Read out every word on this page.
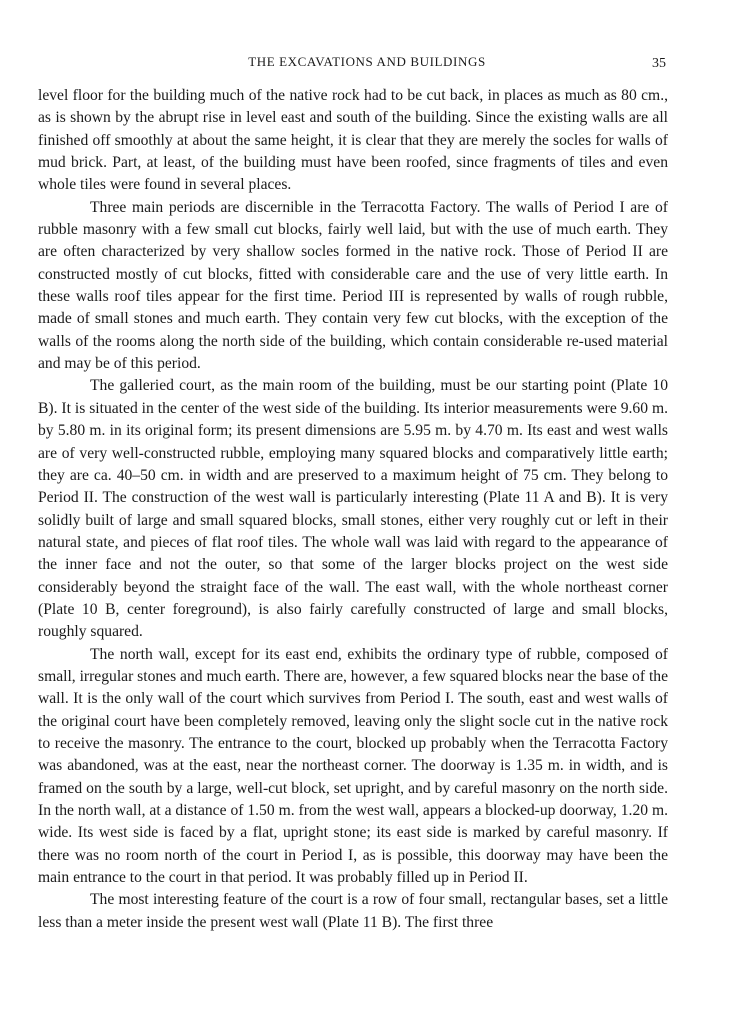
THE EXCAVATIONS AND BUILDINGS	35

level floor for the building much of the native rock had to be cut back, in places as much as 80 cm., as is shown by the abrupt rise in level east and south of the building. Since the existing walls are all finished off smoothly at about the same height, it is clear that they are merely the socles for walls of mud brick. Part, at least, of the building must have been roofed, since fragments of tiles and even whole tiles were found in several places.

Three main periods are discernible in the Terracotta Factory. The walls of Period I are of rubble masonry with a few small cut blocks, fairly well laid, but with the use of much earth. They are often characterized by very shallow socles formed in the native rock. Those of Period II are constructed mostly of cut blocks, fitted with considerable care and the use of very little earth. In these walls roof tiles appear for the first time. Period III is represented by walls of rough rubble, made of small stones and much earth. They contain very few cut blocks, with the exception of the walls of the rooms along the north side of the building, which contain considerable re-used material and may be of this period.

The galleried court, as the main room of the building, must be our starting point (Plate 10 B). It is situated in the center of the west side of the building. Its interior measurements were 9.60 m. by 5.80 m. in its original form; its present dimensions are 5.95 m. by 4.70 m. Its east and west walls are of very well-constructed rubble, employing many squared blocks and comparatively little earth; they are ca. 40–50 cm. in width and are preserved to a maximum height of 75 cm. They belong to Period II. The construction of the west wall is particularly interesting (Plate 11 A and B). It is very solidly built of large and small squared blocks, small stones, either very roughly cut or left in their natural state, and pieces of flat roof tiles. The whole wall was laid with regard to the appearance of the inner face and not the outer, so that some of the larger blocks project on the west side considerably beyond the straight face of the wall. The east wall, with the whole northeast corner (Plate 10 B, center foreground), is also fairly carefully constructed of large and small blocks, roughly squared.

The north wall, except for its east end, exhibits the ordinary type of rubble, composed of small, irregular stones and much earth. There are, however, a few squared blocks near the base of the wall. It is the only wall of the court which survives from Period I. The south, east and west walls of the original court have been completely removed, leaving only the slight socle cut in the native rock to receive the masonry. The entrance to the court, blocked up probably when the Terracotta Factory was abandoned, was at the east, near the northeast corner. The doorway is 1.35 m. in width, and is framed on the south by a large, well-cut block, set upright, and by careful masonry on the north side. In the north wall, at a distance of 1.50 m. from the west wall, appears a blocked-up doorway, 1.20 m. wide. Its west side is faced by a flat, upright stone; its east side is marked by careful masonry. If there was no room north of the court in Period I, as is possible, this doorway may have been the main entrance to the court in that period. It was probably filled up in Period II.

The most interesting feature of the court is a row of four small, rectangular bases, set a little less than a meter inside the present west wall (Plate 11 B). The first three
